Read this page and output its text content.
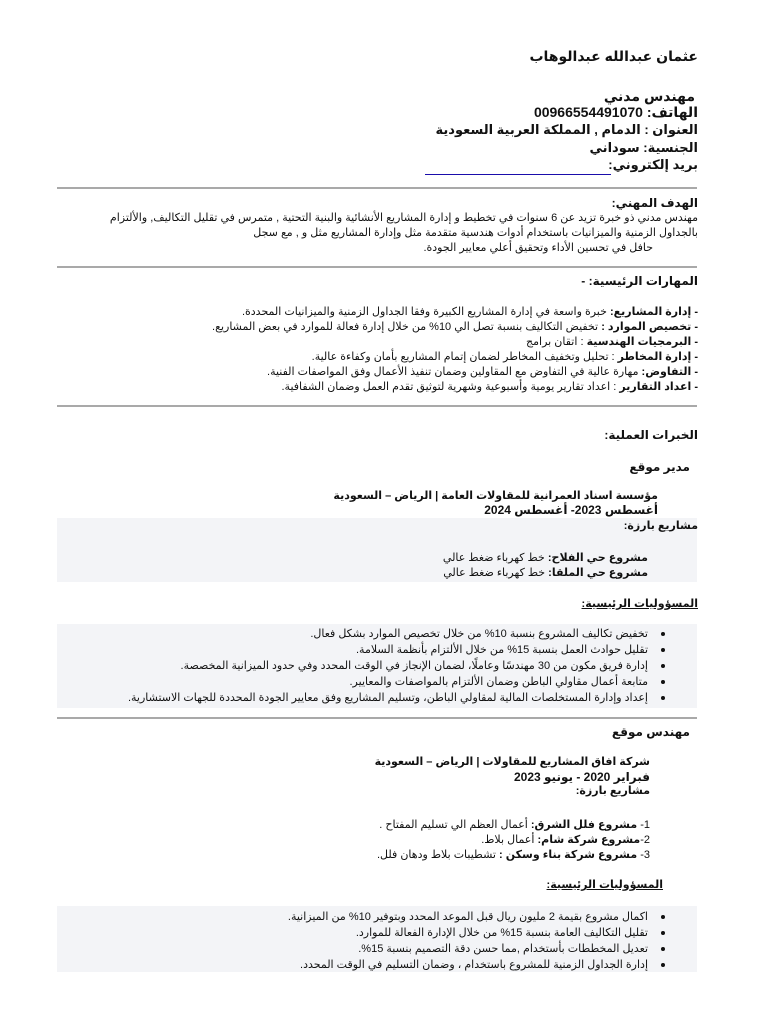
عثمان عبدالله عبدالوهاب
مهندس مدني
الهاتف: 00966554491070
العنوان : الدمام , المملكة العربية السعودية
الجنسية: سوداني
بريد إلكتروني:
الهدف المهني:
مهندس مدني ذو خبرة تزيد عن 6 سنوات في تخطيط و إدارة المشاريع الأنشائية والبنية التحتية , متمرس في تقليل التكاليف, والألتزام
بالجداول الزمنية والميزانيات باستخدام أدوات هندسية متقدمة مثل وإدارة المشاريع مثل و , مع سجل
حافل في تحسين الأداء وتحقيق أعلي معايير الجودة.
المهارات الرئيسية: -
- إدارة المشاريع: خبرة واسعة في إدارة المشاريع الكبيرة وفقا الجداول الزمنية والميزانيات المحددة.
- تخصيص الموارد : تخفيض التكاليف بنسبة تصل الي 10% من خلال إدارة فعالة للموارد في بعض المشاريع.
- البرمجيات الهندسية : اتقان برامج
- إدارة المخاطر : تحليل وتخفيف المخاطر لضمان إتمام المشاريع بأمان وكفاءة عالية.
- التفاوض: مهارة عالية في التفاوض مع المقاولين وضمان تنفيذ الأعمال وفق المواصفات الفنية.
- اعداد التقارير : اعداد تقارير يومية وأسبوعية وشهرية لتوثيق تقدم العمل وضمان الشفافية.
الخبرات العملية:
مدير موقع
مؤسسة اسناد العمرانية للمقاولات العامة | الرياض – السعودية
أغسطس 2023- أغسطس 2024
مشاريع بارزة:
مشروع حي الفلاح: خط كهرباء ضغط عالي
مشروع حي الملقا: خط كهرباء ضغط عالي
المسؤوليات الرئيسية:
تخفيض تكاليف المشروع بنسبة 10% من خلال تخصيص الموارد بشكل فعال.
تقليل حوادث العمل بنسبة 15% من خلال الألتزام بأنظمة السلامة.
إدارة فريق مكون من 30 مهندسًا وعاملًا، لضمان الإنجاز في الوقت المحدد وفي حدود الميزانية المخصصة.
متابعة أعمال مقاولي الباطن وضمان الألتزام بالمواصفات والمعايير.
إعداد وإدارة المستخلصات المالية لمقاولي الباطن، وتسليم المشاريع وفق معايير الجودة المحددة للجهات الاستشارية.
مهندس موقع
شركة افاق المشاريع للمقاولات | الرياض – السعودية
فبراير 2020 - يونيو 2023
مشاريع بارزة:
1- مشروع فلل الشرق: أعمال العظم الي تسليم المفتاح .
2-مشروع شركة شام: أعمال بلاط.
3- مشروع شركة بناء وسكن : تشطيبات بلاط ودهان فلل.
المسؤوليات الرئيسية:
اكمال مشروع بقيمة 2 مليون ريال قبل الموعد المحدد وبتوفير 10% من الميزانية.
تقليل التكاليف العامة بنسبة 15% من خلال الإدارة الفعالة للموارد.
تعديل المخططات بأستخدام ,مما حسن دقة التصميم بنسبة 15%.
إدارة الجداول الزمنية للمشروع باستخدام ، وضمان التسليم في الوقت المحدد.
